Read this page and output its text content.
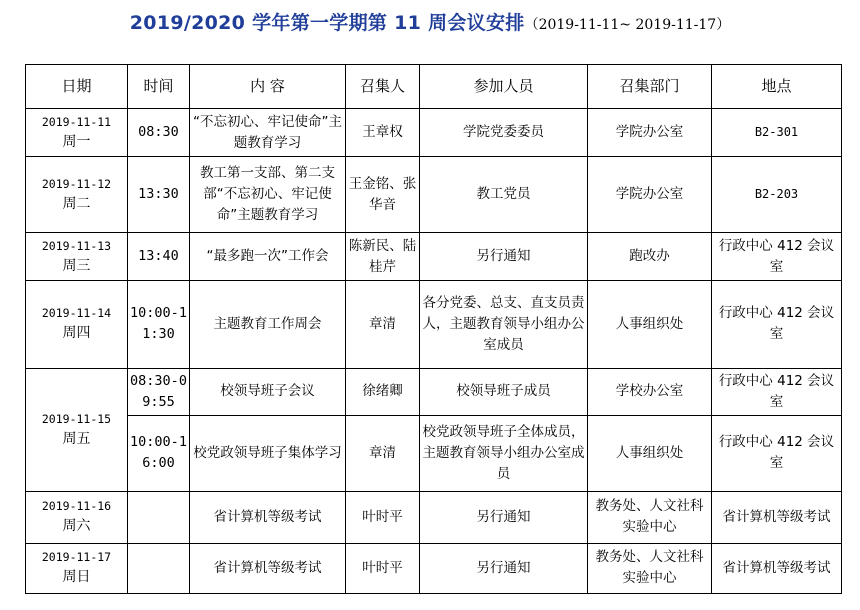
2019/2020 学年第一学期第 11 周会议安排（2019-11-11~ 2019-11-17）
日期	时间	内 容	召集人	参加人员	召集部门	地点

2019-11-11
周一	08:30	“不忘初心、牢记使命”主题教育学习	王章权	学院党委委员	学院办公室	B2-301

2019-11-12
周二	13:30	教工第一支部、第二支部“不忘初心、牢记使命”主题教育学习	王金铭、张华音	教工党员	学院办公室	B2-203

2019-11-13
周三	13:40	“最多跑一次”工作会	陈新民、陆桂芹	另行通知	跑改办	行政中心 412 会议室

2019-11-14
周四	10:00-11:30	主题教育工作周会	章清	各分党委、总支、直支员责人，主题教育领导小组办公室成员	人事组织处	行政中心 412 会议室

2019-11-15
周五	08:30-09:55	校领导班子会议	徐绪卿	校领导班子成员	学校办公室	行政中心 412 会议室
	10:00-16:00	校党政领导班子集体学习	章清	校党政领导班子全体成员，主题教育领导小组办公室成员	人事组织处	行政中心 412 会议室

2019-11-16
周六		省计算机等级考试	叶时平	另行通知	教务处、人文社科实验中心	省计算机等级考试

2019-11-17
周日		省计算机等级考试	叶时平	另行通知	教务处、人文社科实验中心	省计算机等级考试
